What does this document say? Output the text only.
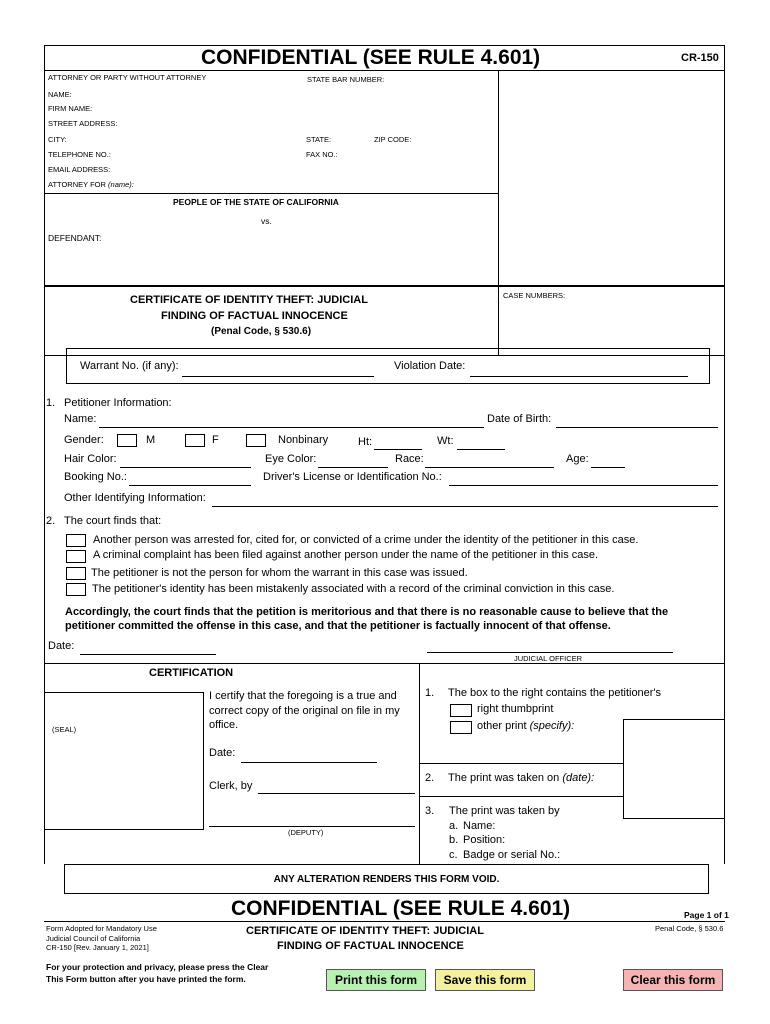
CONFIDENTIAL (SEE RULE 4.601)	CR-150
ATTORNEY OR PARTY WITHOUT ATTORNEY	STATE BAR NUMBER:
NAME:
FIRM NAME:
STREET ADDRESS:
CITY:	STATE:	ZIP CODE:
TELEPHONE NO.:	FAX NO.:
EMAIL ADDRESS:
ATTORNEY FOR (name):
PEOPLE OF THE STATE OF CALIFORNIA
vs.
DEFENDANT:
CASE NUMBERS:
CERTIFICATE OF IDENTITY THEFT: JUDICIAL
FINDING OF FACTUAL INNOCENCE
(Penal Code, § 530.6)
Warrant No. (if any):	Violation Date:
1. Petitioner Information:
Name:	Date of Birth:
Gender:	M	F	Nonbinary	Ht:	Wt:
Hair Color:	Eye Color:	Race:	Age:
Booking No.:	Driver's License or Identification No.:
Other Identifying Information:
2. The court finds that:
Another person was arrested for, cited for, or convicted of a crime under the identity of the petitioner in this case.
A criminal complaint has been filed against another person under the name of the petitioner in this case.
The petitioner is not the person for whom the warrant in this case was issued.
The petitioner's identity has been mistakenly associated with a record of the criminal conviction in this case.
Accordingly, the court finds that the petition is meritorious and that there is no reasonable cause to believe that the
petitioner committed the offense in this case, and that the petitioner is factually innocent of that offense.
Date:
JUDICIAL OFFICER
CERTIFICATION
(SEAL)
I certify that the foregoing is a true and
correct copy of the original on file in my
office.
Date:
Clerk, by
(DEPUTY)
1. The box to the right contains the petitioner's
right thumbprint
other print (specify):
2. The print was taken on (date):
3. The print was taken by
a. Name:
b. Position:
c. Badge or serial No.:
ANY ALTERATION RENDERS THIS FORM VOID.
CONFIDENTIAL (SEE RULE 4.601)	Page 1 of 1
Form Adopted for Mandatory Use
Judicial Council of California
CR-150 [Rev. January 1, 2021]
CERTIFICATE OF IDENTITY THEFT: JUDICIAL
FINDING OF FACTUAL INNOCENCE
Penal Code, § 530.6
For your protection and privacy, please press the Clear
This Form button after you have printed the form.	Print this form	Save this form	Clear this form
